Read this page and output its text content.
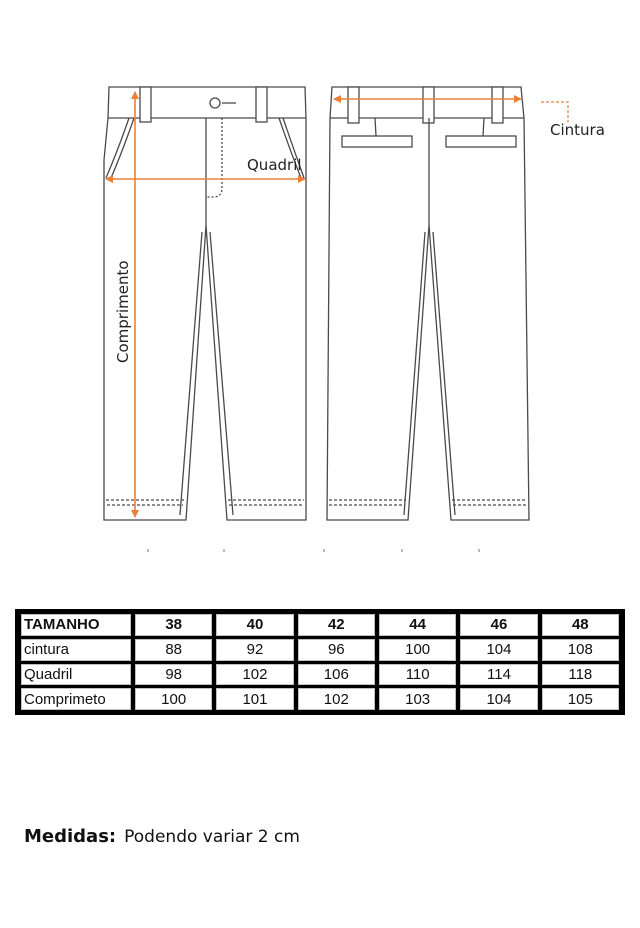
Quadril
Cintura
Comprimento
TAMANHO	38	40	42	44	46	48
cintura	88	92	96	100	104	108
Quadril	98	102	106	110	114	118
Comprimeto	100	101	102	103	104	105
Medidas: Podendo variar 2 cm
